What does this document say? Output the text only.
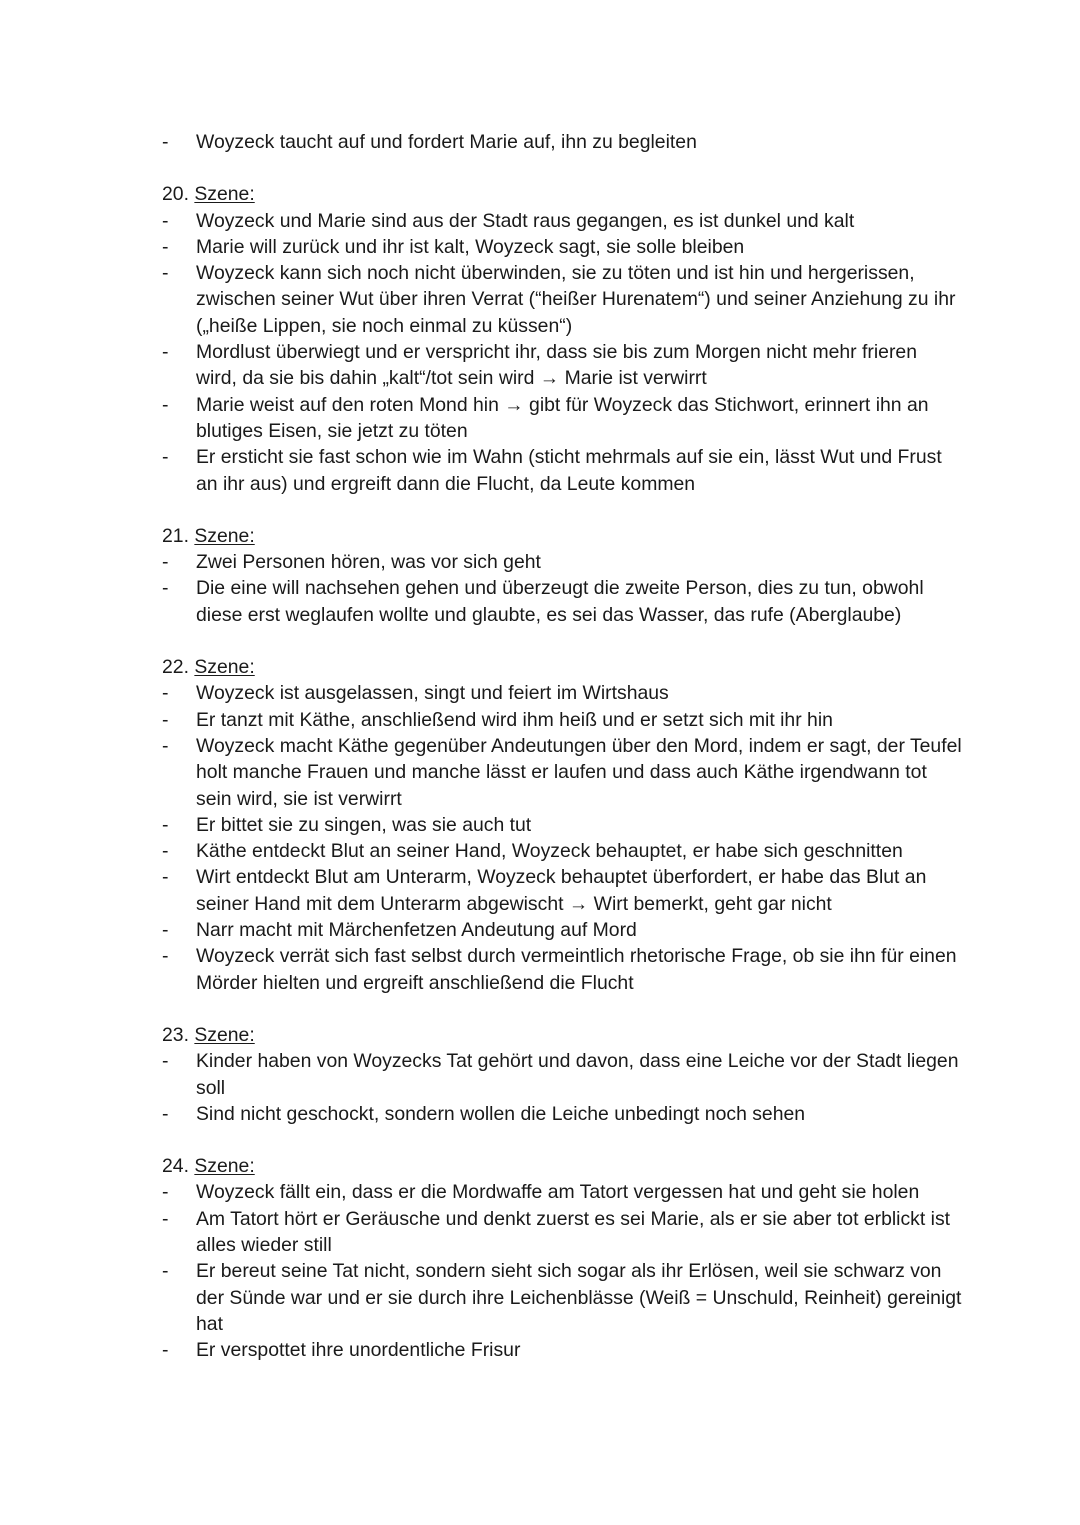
- Woyzeck taucht auf und fordert Marie auf, ihn zu begleiten
20. Szene:
- Woyzeck und Marie sind aus der Stadt raus gegangen, es ist dunkel und kalt
- Marie will zurück und ihr ist kalt, Woyzeck sagt, sie solle bleiben
- Woyzeck kann sich noch nicht überwinden, sie zu töten und ist hin und hergerissen, zwischen seiner Wut über ihren Verrat (“heißer Hurenatem“) und seiner Anziehung zu ihr („heiße Lippen, sie noch einmal zu küssen“)
- Mordlust überwiegt und er verspricht ihr, dass sie bis zum Morgen nicht mehr frieren wird, da sie bis dahin „kalt“/tot sein wird → Marie ist verwirrt
- Marie weist auf den roten Mond hin → gibt für Woyzeck das Stichwort, erinnert ihn an blutiges Eisen, sie jetzt zu töten
- Er ersticht sie fast schon wie im Wahn (sticht mehrmals auf sie ein, lässt Wut und Frust an ihr aus) und ergreift dann die Flucht, da Leute kommen
21. Szene:
- Zwei Personen hören, was vor sich geht
- Die eine will nachsehen gehen und überzeugt die zweite Person, dies zu tun, obwohl diese erst weglaufen wollte und glaubte, es sei das Wasser, das rufe (Aberglaube)
22. Szene:
- Woyzeck ist ausgelassen, singt und feiert im Wirtshaus
- Er tanzt mit Käthe, anschließend wird ihm heiß und er setzt sich mit ihr hin
- Woyzeck macht Käthe gegenüber Andeutungen über den Mord, indem er sagt, der Teufel holt manche Frauen und manche lässt er laufen und dass auch Käthe irgendwann tot sein wird, sie ist verwirrt
- Er bittet sie zu singen, was sie auch tut
- Käthe entdeckt Blut an seiner Hand, Woyzeck behauptet, er habe sich geschnitten
- Wirt entdeckt Blut am Unterarm, Woyzeck behauptet überfordert, er habe das Blut an seiner Hand mit dem Unterarm abgewischt → Wirt bemerkt, geht gar nicht
- Narr macht mit Märchenfetzen Andeutung auf Mord
- Woyzeck verrät sich fast selbst durch vermeintlich rhetorische Frage, ob sie ihn für einen Mörder hielten und ergreift anschließend die Flucht
23. Szene:
- Kinder haben von Woyzecks Tat gehört und davon, dass eine Leiche vor der Stadt liegen soll
- Sind nicht geschockt, sondern wollen die Leiche unbedingt noch sehen
24. Szene:
- Woyzeck fällt ein, dass er die Mordwaffe am Tatort vergessen hat und geht sie holen
- Am Tatort hört er Geräusche und denkt zuerst es sei Marie, als er sie aber tot erblickt ist alles wieder still
- Er bereut seine Tat nicht, sondern sieht sich sogar als ihr Erlösen, weil sie schwarz von der Sünde war und er sie durch ihre Leichenblässe (Weiß = Unschuld, Reinheit) gereinigt hat
- Er verspottet ihre unordentliche Frisur
